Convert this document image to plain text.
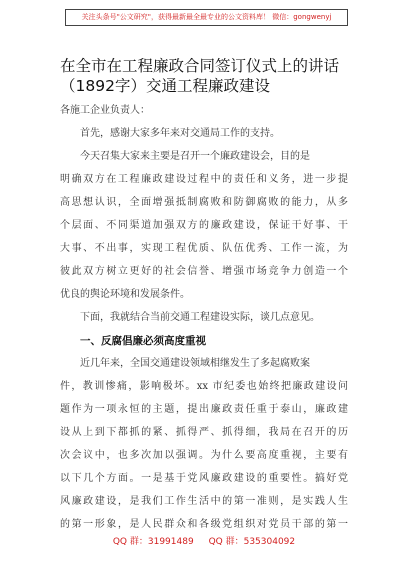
关注头条号"公文研究"，获得最新最全最专业的公文资料库！ 微信：gongwenyj
在全市在工程廉政合同签订仪式上的讲话
（1892字）交通工程廉政建设
各施工企业负责人：
首先，感谢大家多年来对交通局工作的支持。
今天召集大家来主要是召开一个廉政建设会，目的是
明确双方在工程廉政建设过程中的责任和义务，进一步提
高思想认识，全面增强抵制腐败和防御腐败的能力，从多
个层面、不同渠道加强双方的廉政建设，保证干好事、干
大事、不出事，实现工程优质、队伍优秀、工作一流，为
彼此双方树立更好的社会信誉、增强市场竞争力创造一个
优良的舆论环境和发展条件。
下面，我就结合当前交通工程建设实际，谈几点意见。
一、反腐倡廉必须高度重视
近几年来，全国交通建设领域相继发生了多起腐败案
件，教训惨痛，影响极坏。xx 市纪委也始终把廉政建设问
题作为一项永恒的主题，提出廉政责任重于泰山，廉政建
设从上到下都抓的紧、抓得严、抓得细，我局在召开的历
次会议中，也多次加以强调。为什么要高度重视，主要有
以下几个方面。一是基于党风廉政建设的重要性。搞好党
风廉政建设，是我们工作生活中的第一准则，是实践人生
的第一形象，是人民群众和各级党组织对党员干部的第一
QQ 群：31991489 QQ 群：535304092
